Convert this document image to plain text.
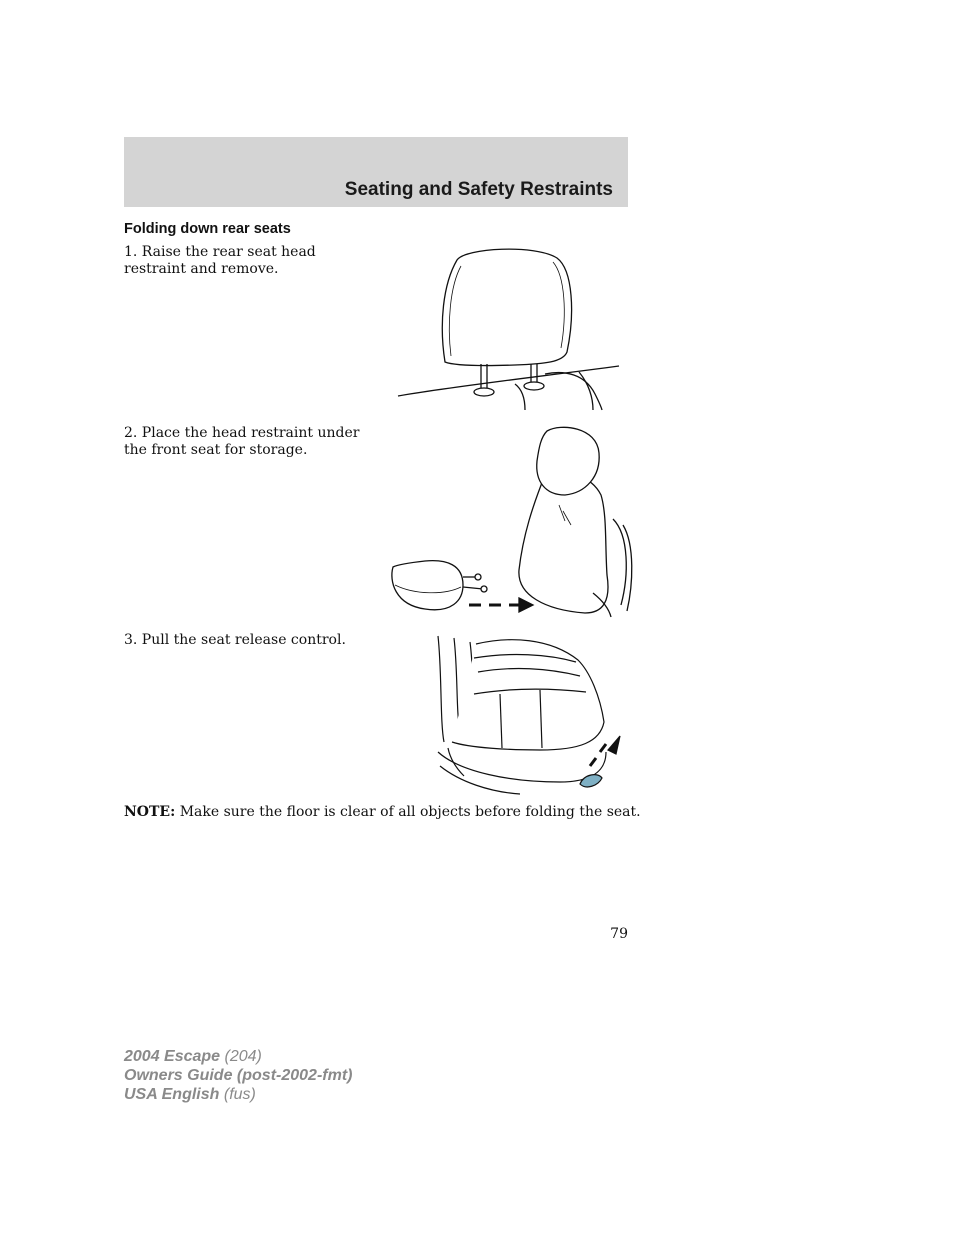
Seating and Safety Restraints
Folding down rear seats
1. Raise the rear seat head restraint and remove.
2. Place the head restraint under the front seat for storage.
3. Pull the seat release control.
NOTE: Make sure the floor is clear of all objects before folding the seat.
79
2004 Escape (204)
Owners Guide (post-2002-fmt)
USA English (fus)
